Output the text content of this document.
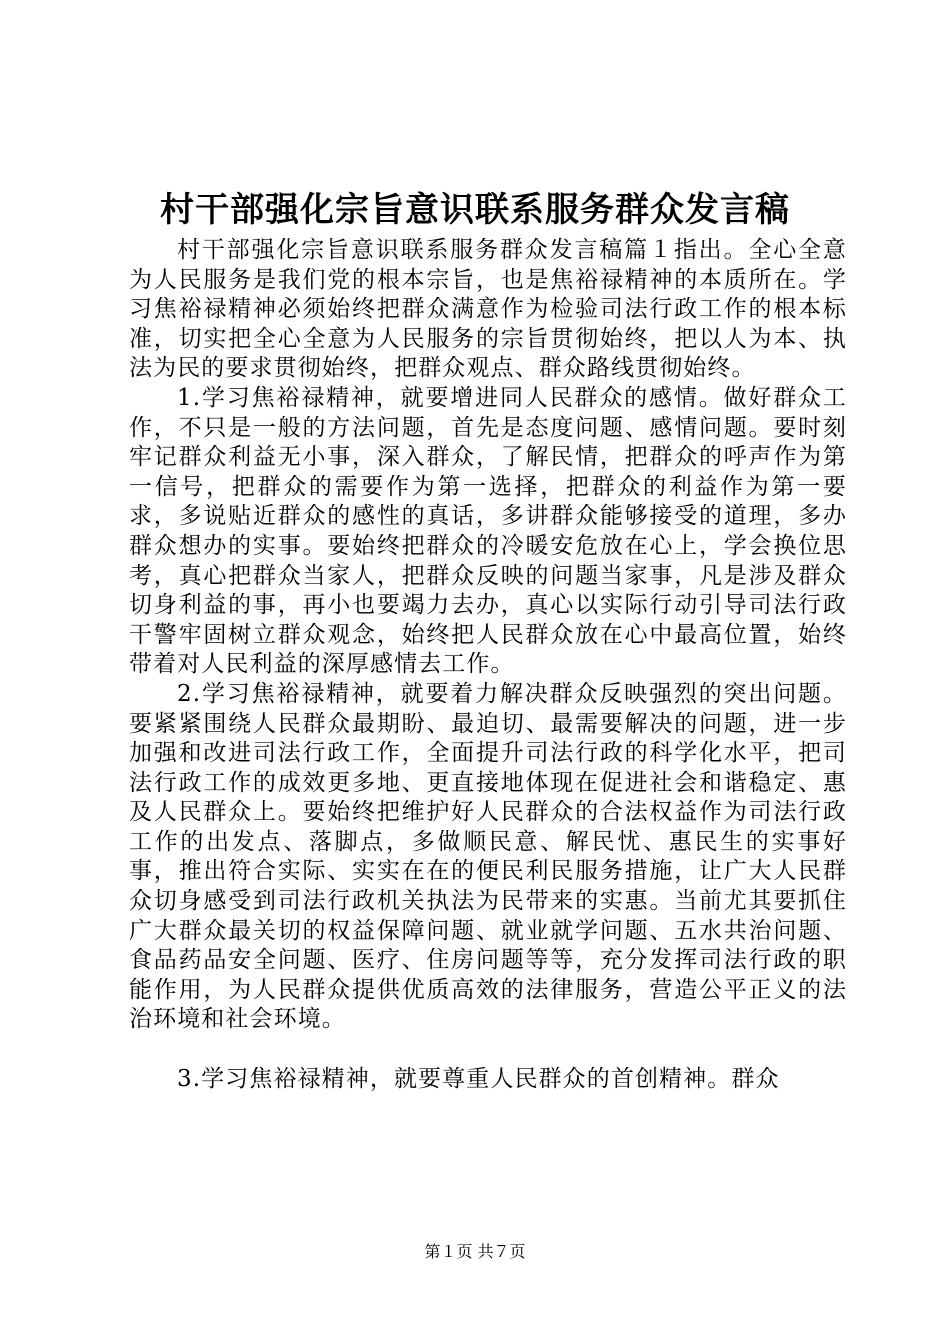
村干部强化宗旨意识联系服务群众发言稿

村干部强化宗旨意识联系服务群众发言稿篇１指出。全心全意为人民服务是我们党的根本宗旨，也是焦裕禄精神的本质所在。学习焦裕禄精神必须始终把群众满意作为检验司法行政工作的根本标准，切实把全心全意为人民服务的宗旨贯彻始终，把以人为本、执法为民的要求贯彻始终，把群众观点、群众路线贯彻始终。

1.学习焦裕禄精神，就要增进同人民群众的感情。做好群众工作，不只是一般的方法问题，首先是态度问题、感情问题。要时刻牢记群众利益无小事，深入群众，了解民情，把群众的呼声作为第一信号，把群众的需要作为第一选择，把群众的利益作为第一要求，多说贴近群众的感性的真话，多讲群众能够接受的道理，多办群众想办的实事。要始终把群众的冷暖安危放在心上，学会换位思考，真心把群众当家人，把群众反映的问题当家事，凡是涉及群众切身利益的事，再小也要竭力去办，真心以实际行动引导司法行政干警牢固树立群众观念，始终把人民群众放在心中最高位置，始终带着对人民利益的深厚感情去工作。

2.学习焦裕禄精神，就要着力解决群众反映强烈的突出问题。要紧紧围绕人民群众最期盼、最迫切、最需要解决的问题，进一步加强和改进司法行政工作，全面提升司法行政的科学化水平，把司法行政工作的成效更多地、更直接地体现在促进社会和谐稳定、惠及人民群众上。要始终把维护好人民群众的合法权益作为司法行政工作的出发点、落脚点，多做顺民意、解民忧、惠民生的实事好事，推出符合实际、实实在在的便民利民服务措施，让广大人民群众切身感受到司法行政机关执法为民带来的实惠。当前尤其要抓住广大群众最关切的权益保障问题、就业就学问题、五水共治问题、食品药品安全问题、医疗、住房问题等等，充分发挥司法行政的职能作用，为人民群众提供优质高效的法律服务，营造公平正义的法治环境和社会环境。

3.学习焦裕禄精神，就要尊重人民群众的首创精神。群众

第１页 共７页
